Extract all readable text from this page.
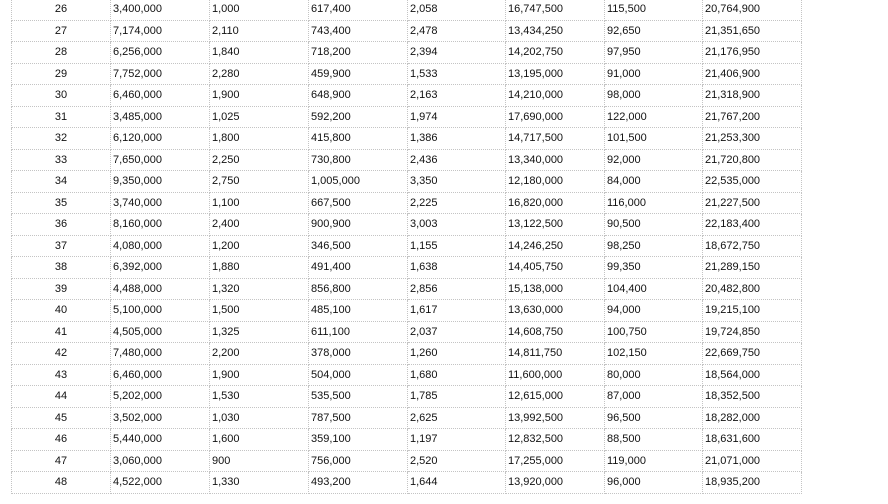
26	3,400,000	1,000	617,400	2,058	16,747,500	115,500	20,764,900
27	7,174,000	2,110	743,400	2,478	13,434,250	92,650	21,351,650
28	6,256,000	1,840	718,200	2,394	14,202,750	97,950	21,176,950
29	7,752,000	2,280	459,900	1,533	13,195,000	91,000	21,406,900
30	6,460,000	1,900	648,900	2,163	14,210,000	98,000	21,318,900
31	3,485,000	1,025	592,200	1,974	17,690,000	122,000	21,767,200
32	6,120,000	1,800	415,800	1,386	14,717,500	101,500	21,253,300
33	7,650,000	2,250	730,800	2,436	13,340,000	92,000	21,720,800
34	9,350,000	2,750	1,005,000	3,350	12,180,000	84,000	22,535,000
35	3,740,000	1,100	667,500	2,225	16,820,000	116,000	21,227,500
36	8,160,000	2,400	900,900	3,003	13,122,500	90,500	22,183,400
37	4,080,000	1,200	346,500	1,155	14,246,250	98,250	18,672,750
38	6,392,000	1,880	491,400	1,638	14,405,750	99,350	21,289,150
39	4,488,000	1,320	856,800	2,856	15,138,000	104,400	20,482,800
40	5,100,000	1,500	485,100	1,617	13,630,000	94,000	19,215,100
41	4,505,000	1,325	611,100	2,037	14,608,750	100,750	19,724,850
42	7,480,000	2,200	378,000	1,260	14,811,750	102,150	22,669,750
43	6,460,000	1,900	504,000	1,680	11,600,000	80,000	18,564,000
44	5,202,000	1,530	535,500	1,785	12,615,000	87,000	18,352,500
45	3,502,000	1,030	787,500	2,625	13,992,500	96,500	18,282,000
46	5,440,000	1,600	359,100	1,197	12,832,500	88,500	18,631,600
47	3,060,000	900	756,000	2,520	17,255,000	119,000	21,071,000
48	4,522,000	1,330	493,200	1,644	13,920,000	96,000	18,935,200
